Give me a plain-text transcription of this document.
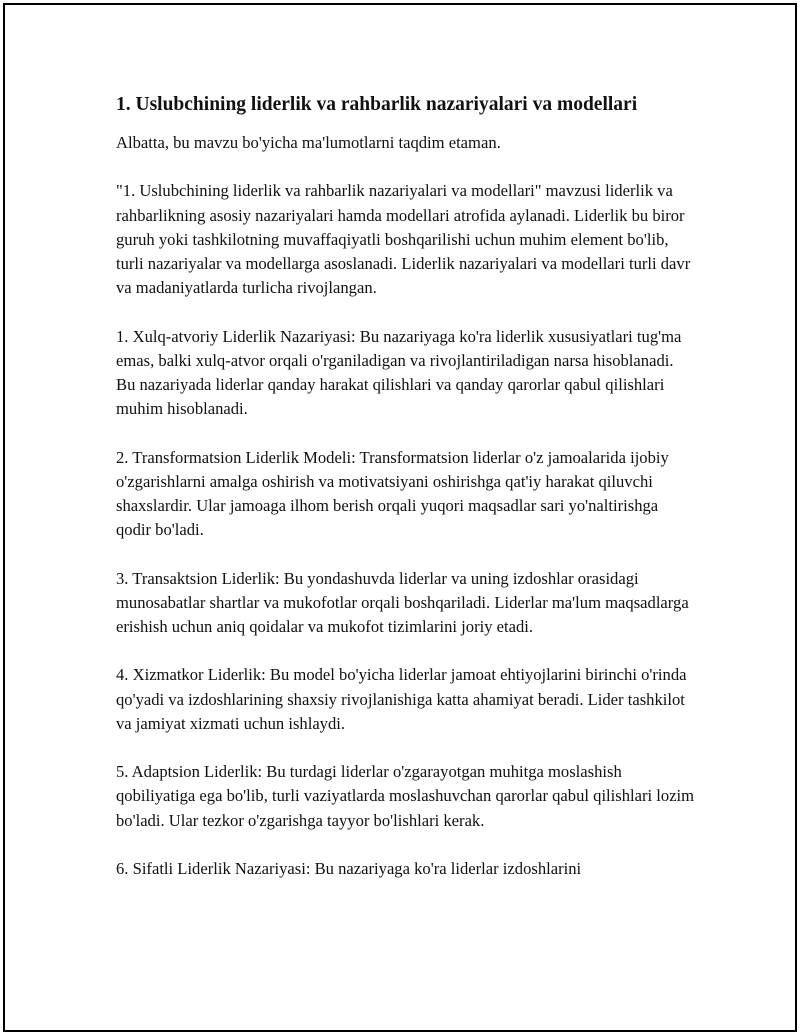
1. Uslubchining liderlik va rahbarlik nazariyalari va modellari

Albatta, bu mavzu bo'yicha ma'lumotlarni taqdim etaman.

"1. Uslubchining liderlik va rahbarlik nazariyalari va modellari" mavzusi liderlik va rahbarlikning asosiy nazariyalari hamda modellari atrofida aylanadi. Liderlik bu biror guruh yoki tashkilotning muvaffaqiyatli boshqarilishi uchun muhim element bo'lib, turli nazariyalar va modellarga asoslanadi. Liderlik nazariyalari va modellari turli davr va madaniyatlarda turlicha rivojlangan.

1. Xulq-atvoriy Liderlik Nazariyasi: Bu nazariyaga ko'ra liderlik xususiyatlari tug'ma emas, balki xulq-atvor orqali o'rganiladigan va rivojlantiriladigan narsa hisoblanadi. Bu nazariyada liderlar qanday harakat qilishlari va qanday qarorlar qabul qilishlari muhim hisoblanadi.

2. Transformatsion Liderlik Modeli: Transformatsion liderlar o'z jamoalarida ijobiy o'zgarishlarni amalga oshirish va motivatsiyani oshirishga qat'iy harakat qiluvchi shaxslardir. Ular jamoaga ilhom berish orqali yuqori maqsadlar sari yo'naltirishga qodir bo'ladi.

3. Transaktsion Liderlik: Bu yondashuvda liderlar va uning izdoshlar orasidagi munosabatlar shartlar va mukofotlar orqali boshqariladi. Liderlar ma'lum maqsadlarga erishish uchun aniq qoidalar va mukofot tizimlarini joriy etadi.

4. Xizmatkor Liderlik: Bu model bo'yicha liderlar jamoat ehtiyojlarini birinchi o'rinda qo'yadi va izdoshlarining shaxsiy rivojlanishiga katta ahamiyat beradi. Lider tashkilot va jamiyat xizmati uchun ishlaydi.

5. Adaptsion Liderlik: Bu turdagi liderlar o'zgarayotgan muhitga moslashish qobiliyatiga ega bo'lib, turli vaziyatlarda moslashuvchan qarorlar qabul qilishlari lozim bo'ladi. Ular tezkor o'zgarishga tayyor bo'lishlari kerak.

6. Sifatli Liderlik Nazariyasi: Bu nazariyaga ko'ra liderlar izdoshlarini
